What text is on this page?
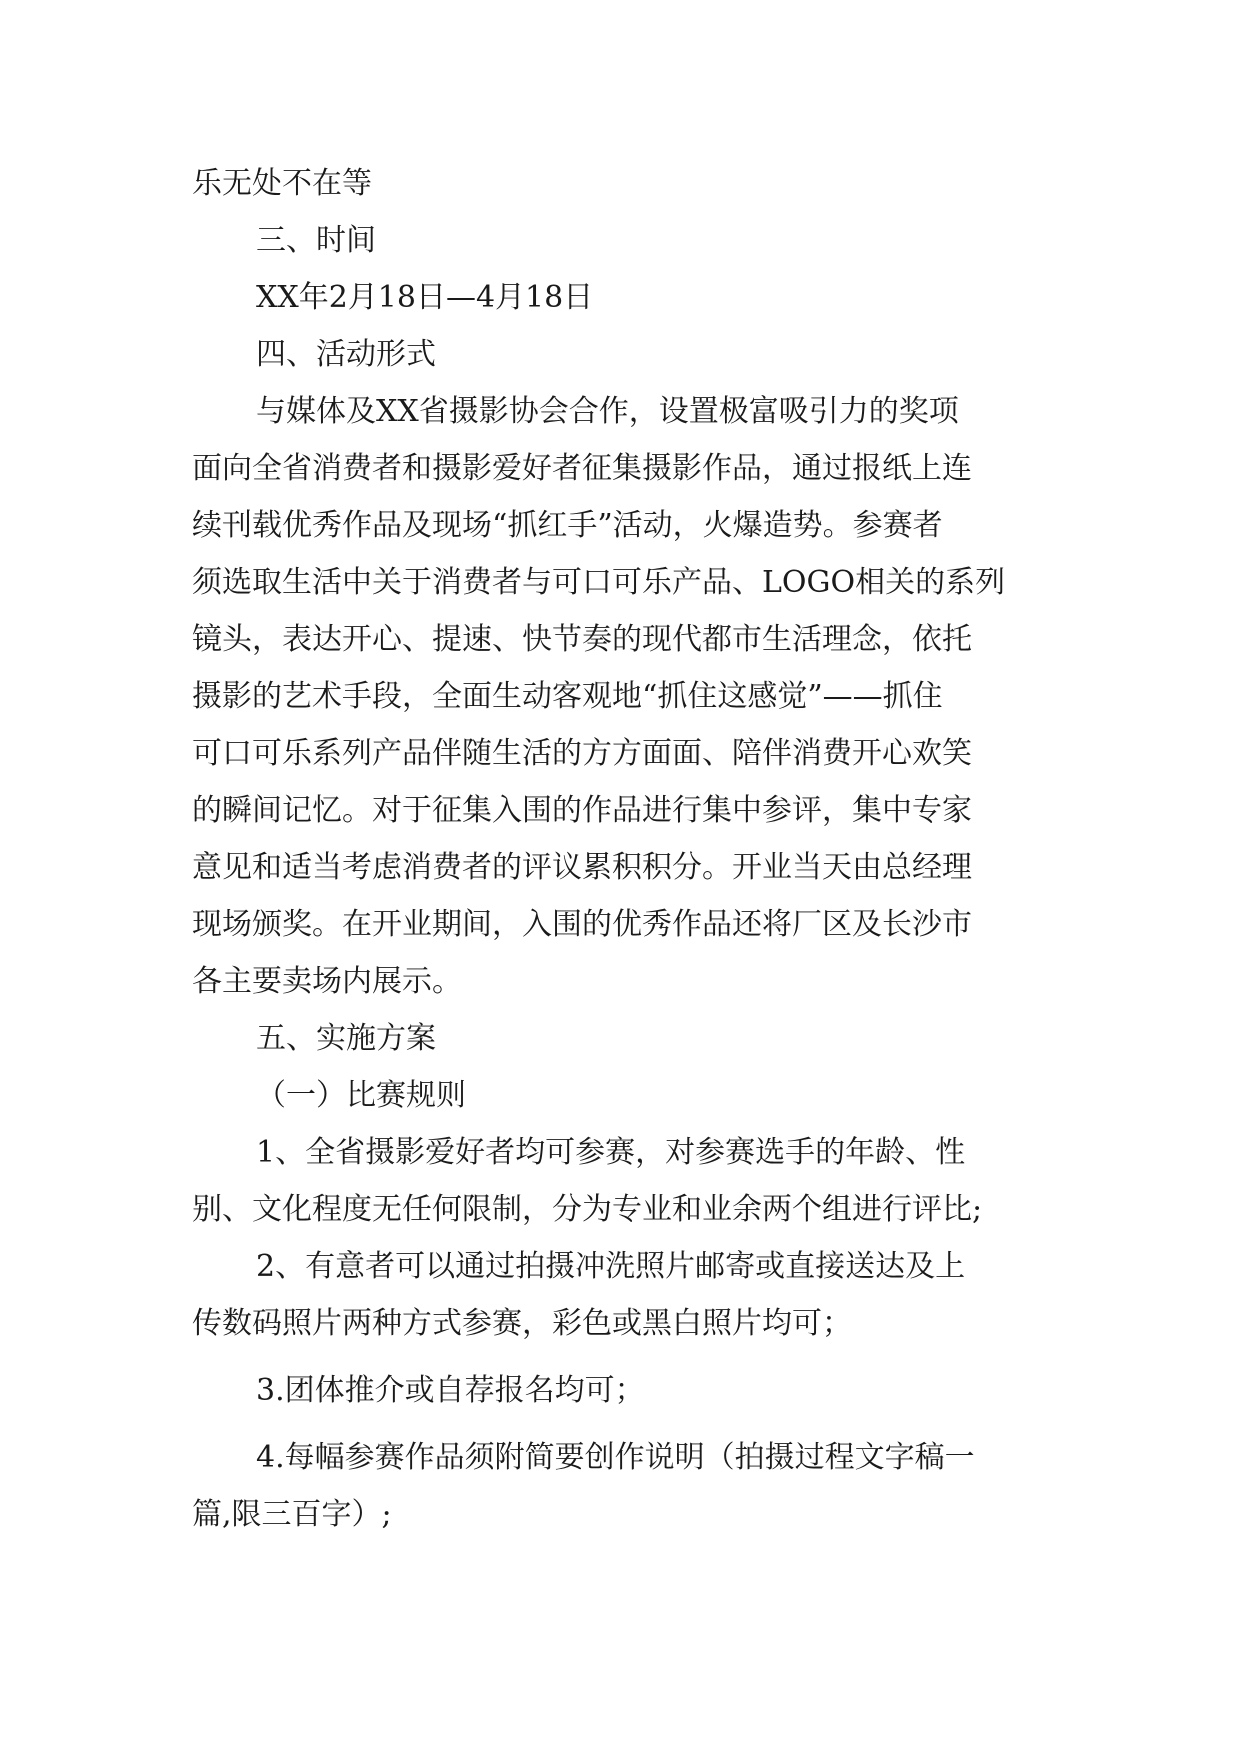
乐无处不在等
三、时间
XX年2月18日—4月18日
四、活动形式
与媒体及XX省摄影协会合作，设置极富吸引力的奖项
面向全省消费者和摄影爱好者征集摄影作品，通过报纸上连
续刊载优秀作品及现场“抓红手”活动，火爆造势。参赛者
须选取生活中关于消费者与可口可乐产品、LOGO相关的系列
镜头，表达开心、提速、快节奏的现代都市生活理念，依托
摄影的艺术手段，全面生动客观地“抓住这感觉”——抓住
可口可乐系列产品伴随生活的方方面面、陪伴消费开心欢笑
的瞬间记忆。对于征集入围的作品进行集中参评，集中专家
意见和适当考虑消费者的评议累积积分。开业当天由总经理
现场颁奖。在开业期间，入围的优秀作品还将厂区及长沙市
各主要卖场内展示。
五、实施方案
（一）比赛规则
1、全省摄影爱好者均可参赛，对参赛选手的年龄、性
别、文化程度无任何限制，分为专业和业余两个组进行评比;
2、有意者可以通过拍摄冲洗照片邮寄或直接送达及上
传数码照片两种方式参赛，彩色或黑白照片均可；
3.团体推介或自荐报名均可；
4.每幅参赛作品须附简要创作说明（拍摄过程文字稿一
篇,限三百字）;
